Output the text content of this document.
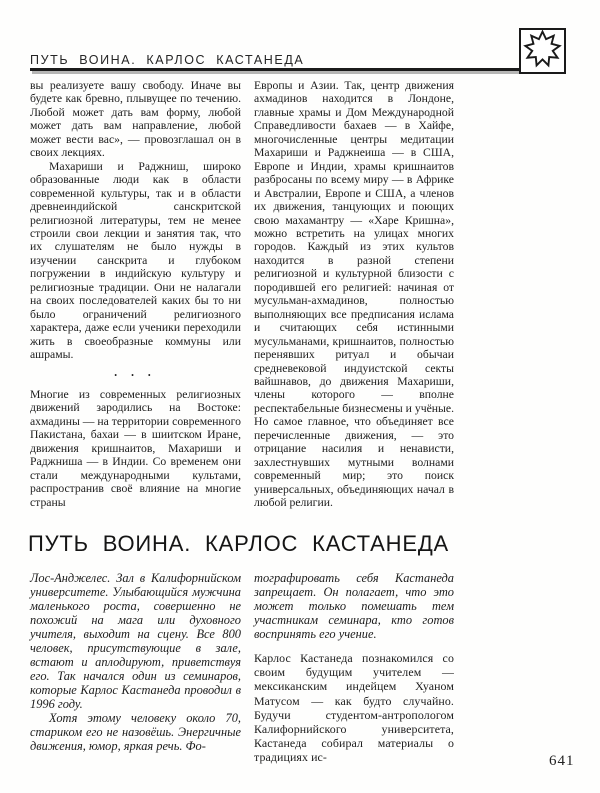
ПУТЬ ВОИНА. КАРЛОС КАСТАНЕДА

вы реализуете вашу свободу. Иначе вы будете как бревно, плывущее по течению. Любой может дать вам форму, любой может дать вам направление, любой может вести вас», — провозглашал он в своих лекциях.

Махариши и Раджниш, широко образованные люди как в области современной культуры, так и в области древнеиндийской санскритской религиозной литературы, тем не менее строили свои лекции и занятия так, что их слушателям не было нужды в изучении санскрита и глубоком погружении в индийскую культуру и религиозные традиции. Они не налагали на своих последователей каких бы то ни было ограничений религиозного характера, даже если ученики переходили жить в своеобразные коммуны или ашрамы.

• • •

Многие из современных религиозных движений зародились на Востоке: ахмадины — на территории современного Пакистана, бахаи — в шиитском Иране, движения кришнаитов, Махариши и Раджниша — в Индии. Со временем они стали международными культами, распространив своё влияние на многие страны

Европы и Азии. Так, центр движения ахмадинов находится в Лондоне, главные храмы и Дом Международной Справедливости бахаев — в Хайфе, многочисленные центры медитации Махариши и Раджнеиша — в США, Европе и Индии, храмы кришнаитов разбросаны по всему миру — в Африке и Австралии, Европе и США, а членов их движения, танцующих и поющих свою махамантру — «Харе Кришна», можно встретить на улицах многих городов. Каждый из этих культов находится в разной степени религиозной и культурной близости с породившей его религией: начиная от мусульман-ахмадинов, полностью выполняющих все предписания ислама и считающих себя истинными мусульманами, кришнаитов, полностью перенявших ритуал и обычаи средневековой индуистской секты вайшнавов, до движения Махариши, члены которого — вполне респектабельные бизнесмены и учёные. Но самое главное, что объединяет все перечисленные движения, — это отрицание насилия и ненависти, захлестнувших мутными волнами современный мир; это поиск универсальных, объединяющих начал в любой религии.

ПУТЬ ВОИНА. КАРЛОС КАСТАНЕДА

Лос-Анджелес. Зал в Калифорнийском университете. Улыбающийся мужчина маленького роста, совершенно не похожий на мага или духовного учителя, выходит на сцену. Все 800 человек, присутствующие в зале, встают и аплодируют, приветствуя его. Так начался один из семинаров, которые Карлос Кастанеда проводил в 1996 году.

Хотя этому человеку около 70, стариком его не назовёшь. Энергичные движения, юмор, яркая речь. Фо-

тографировать себя Кастанеда запрещает. Он полагает, что это может только помешать тем участникам семинара, кто готов воспринять его учение.

Карлос Кастанеда познакомился со своим будущим учителем — мексиканским индейцем Хуаном Матусом — как будто случайно. Будучи студентом-антропологом Калифорнийского университета, Кастанеда собирал материалы о традициях ис-	641
